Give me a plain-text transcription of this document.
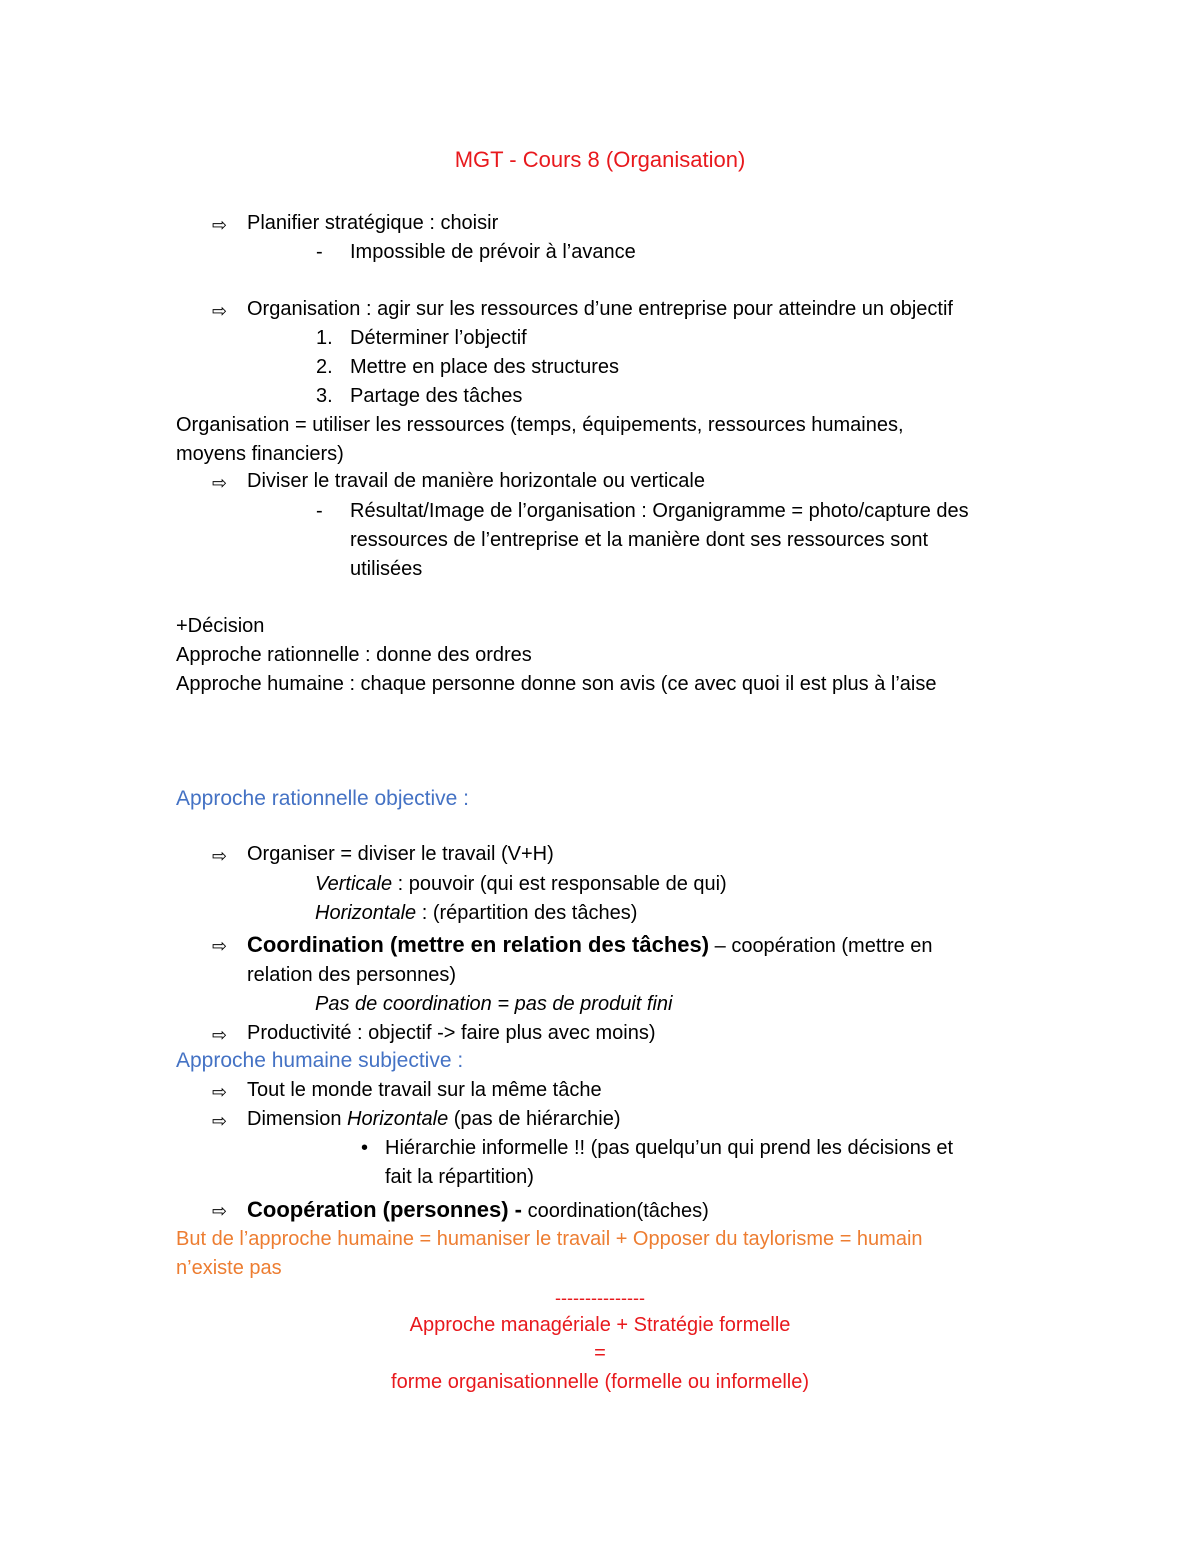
MGT - Cours 8 (Organisation)
⇨ Planifier stratégique : choisir
- Impossible de prévoir à l’avance
⇨ Organisation : agir sur les ressources d’une entreprise pour atteindre un objectif
1. Déterminer l’objectif
2. Mettre en place des structures
3. Partage des tâches
Organisation = utiliser les ressources (temps, équipements, ressources humaines,
moyens financiers)
⇨ Diviser le travail de manière horizontale ou verticale
- Résultat/Image de l’organisation : Organigramme = photo/capture des
ressources de l’entreprise et la manière dont ses ressources sont
utilisées
+Décision
Approche rationnelle : donne des ordres
Approche humaine : chaque personne donne son avis (ce avec quoi il est plus à l’aise
Approche rationnelle objective :
⇨ Organiser = diviser le travail (V+H)
Verticale : pouvoir (qui est responsable de qui)
Horizontale : (répartition des tâches)
⇨ Coordination (mettre en relation des tâches) – coopération (mettre en
relation des personnes)
Pas de coordination = pas de produit fini
⇨ Productivité : objectif -> faire plus avec moins)
Approche humaine subjective :
⇨ Tout le monde travail sur la même tâche
⇨ Dimension Horizontale (pas de hiérarchie)
• Hiérarchie informelle !! (pas quelqu’un qui prend les décisions et
fait la répartition)
⇨ Coopération (personnes) - coordination(tâches)
But de l’approche humaine = humaniser le travail + Opposer du taylorisme = humain
n’existe pas
---------------
Approche managériale + Stratégie formelle
=
forme organisationnelle (formelle ou informelle)
